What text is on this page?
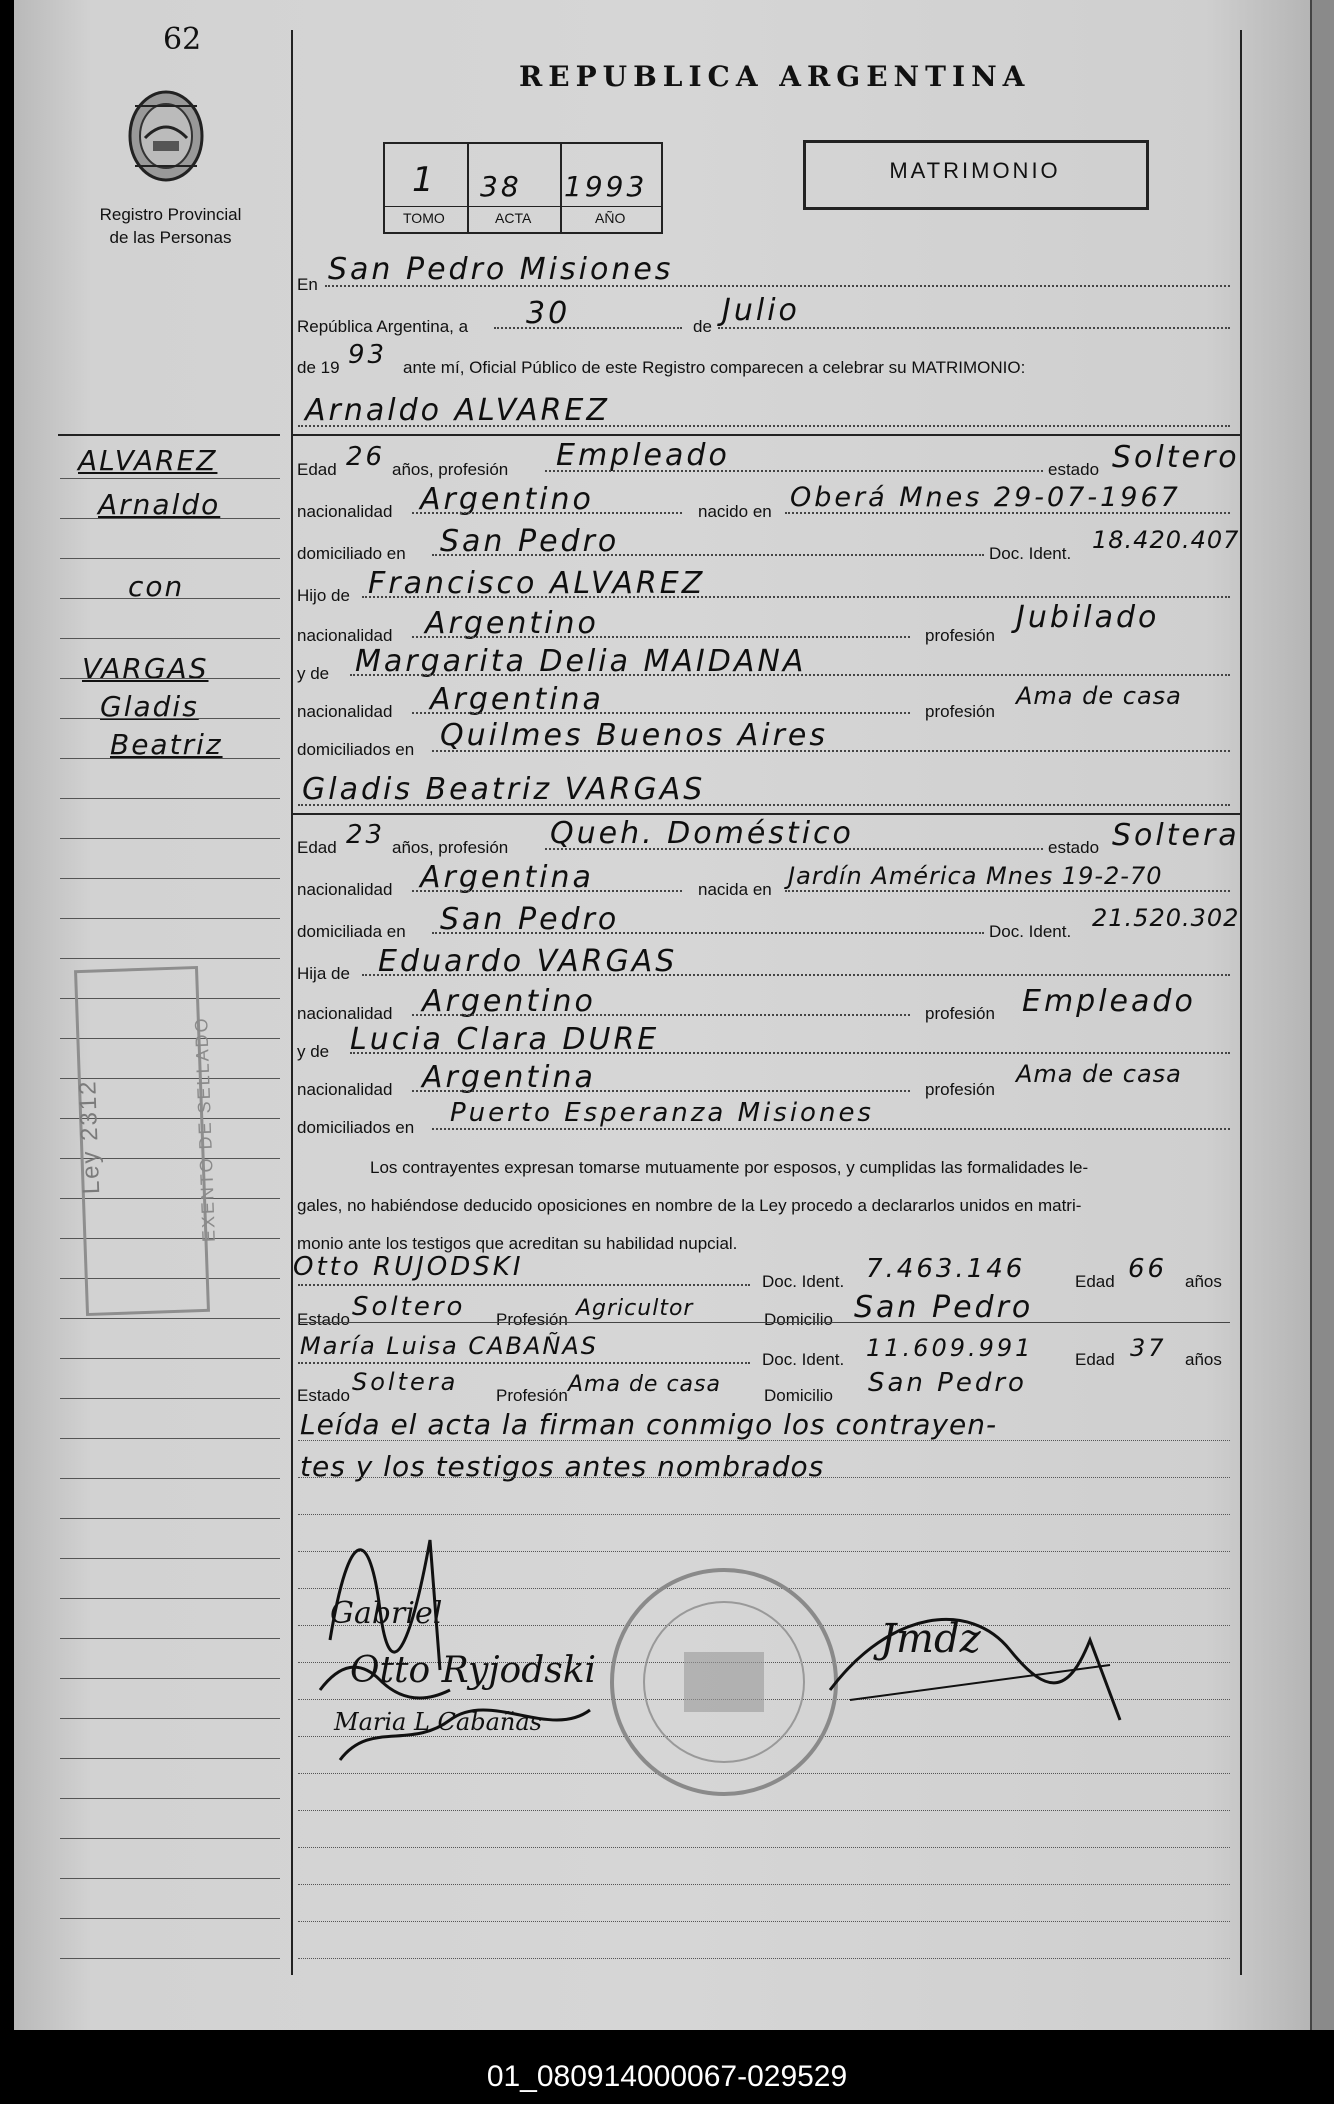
62
Registro Provincial
de las Personas
REPUBLICA ARGENTINA
1 38 1993
TOMO	ACTA	AÑO
MATRIMONIO
En San Pedro Misiones
República Argentina, a 30	de Julio
de 19 93 ante mí, Oficial Público de este Registro comparecen a celebrar su MATRIMONIO:
Arnaldo ALVAREZ
ALVAREZ
Arnaldo
con
VARGAS
Gladis
Beatriz
Edad 26 años, profesión Empleado	estado Soltero
nacionalidad Argentino	nacido en Oberá Mnes 29-07-1967
domiciliado en San Pedro	Doc. Ident. 18.420.407
Hijo de Francisco ALVAREZ
nacionalidad Argentino	profesión
Jubilado
y de Margarita Delia MAIDANA
nacionalidad Argentina	profesión
Ama de casa
domiciliados en Quilmes Buenos Aires
Gladis Beatriz VARGAS
Edad 23 años, profesión Queh. Doméstico	estado Soltera
nacionalidad Argentina	nacida en Jardín América Mnes 19-2-70
domiciliada en San Pedro	Doc. Ident. 21.520.302
Hija de Eduardo VARGAS
nacionalidad Argentino	profesión Empleado
y de Lucia Clara DURE
nacionalidad Argentina	profesión
Ama de casa
domiciliados en Puerto Esperanza Misiones
Los contrayentes expresan tomarse mutuamente por esposos, y cumplidas las formalidades le-
gales, no habiéndose deducido oposiciones en nombre de la Ley procedo a declararlos unidos en matri-
monio ante los testigos que acreditan su habilidad nupcial.
Otto RUJODSKI	Doc. Ident. 7.463.146	Edad 66 años
Estado Soltero Profesión Agricultor	Domicilio San Pedro
María Luisa CABAÑAS	Doc. Ident. 11.609.991 Edad 37 años
Estado Soltera Profesión Ama de casa	Domicilio San Pedro
Leída el acta la firman conmigo los contrayen-
tes y los testigos antes nombrados
Ley 2312	EXENTO DE SELLADO
Gabriel
Otto Ryjodski
Maria L Cabañas
Jmdz
01_080914000067-029529
